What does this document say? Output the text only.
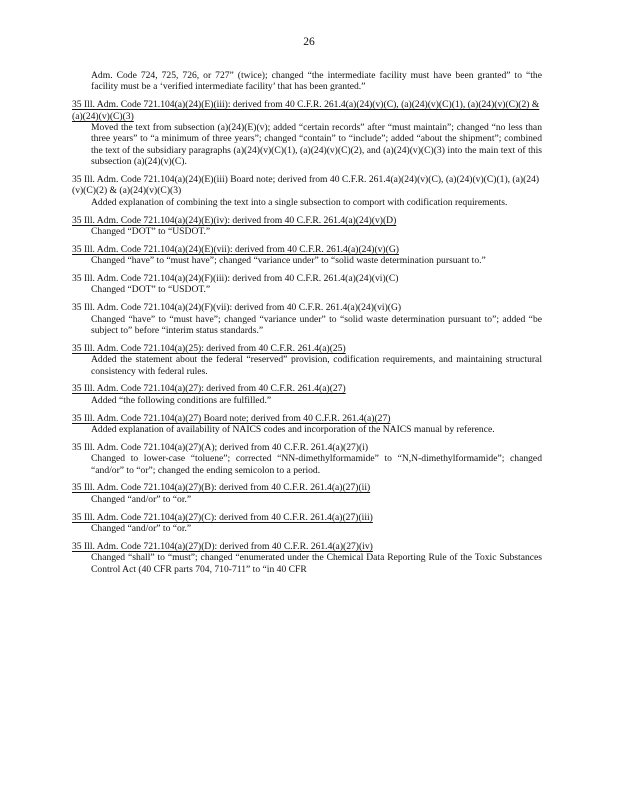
26

Adm. Code 724, 725, 726, or 727” (twice); changed “the intermediate facility must have been granted” to “the facility must be a ‘verified intermediate facility’ that has been granted.”

35 Ill. Adm. Code 721.104(a)(24)(E)(iii): derived from 40 C.F.R. 261.4(a)(24)(v)(C), (a)(24)(v)(C)(1), (a)(24)(v)(C)(2) & (a)(24)(v)(C)(3)

Moved the text from subsection (a)(24)(E)(v); added “certain records” after “must maintain”; changed “no less than three years” to “a minimum of three years”; changed “contain” to “include”; added “about the shipment”; combined the text of the subsidiary paragraphs (a)(24)(v)(C)(1), (a)(24)(v)(C)(2), and (a)(24)(v)(C)(3) into the main text of this subsection (a)(24)(v)(C).

35 Ill. Adm. Code 721.104(a)(24)(E)(iii) Board note; derived from 40 C.F.R. 261.4(a)(24)(v)(C), (a)(24)(v)(C)(1), (a)(24)(v)(C)(2) & (a)(24)(v)(C)(3)

Added explanation of combining the text into a single subsection to comport with codification requirements.

35 Ill. Adm. Code 721.104(a)(24)(E)(iv): derived from 40 C.F.R. 261.4(a)(24)(v)(D)

Changed “DOT” to “USDOT.”

35 Ill. Adm. Code 721.104(a)(24)(E)(vii): derived from 40 C.F.R. 261.4(a)(24)(v)(G)

Changed “have” to “must have”; changed “variance under” to “solid waste determination pursuant to.”

35 Ill. Adm. Code 721.104(a)(24)(F)(iii): derived from 40 C.F.R. 261.4(a)(24)(vi)(C)

Changed “DOT” to “USDOT.”

35 Ill. Adm. Code 721.104(a)(24)(F)(vii): derived from 40 C.F.R. 261.4(a)(24)(vi)(G)

Changed “have” to “must have”; changed “variance under” to “solid waste determination pursuant to”; added “be subject to” before “interim status standards.”

35 Ill. Adm. Code 721.104(a)(25): derived from 40 C.F.R. 261.4(a)(25)

Added the statement about the federal “reserved” provision, codification requirements, and maintaining structural consistency with federal rules.

35 Ill. Adm. Code 721.104(a)(27): derived from 40 C.F.R. 261.4(a)(27)

Added “the following conditions are fulfilled.”

35 Ill. Adm. Code 721.104(a)(27) Board note; derived from 40 C.F.R. 261.4(a)(27)

Added explanation of availability of NAICS codes and incorporation of the NAICS manual by reference.

35 Ill. Adm. Code 721.104(a)(27)(A); derived from 40 C.F.R. 261.4(a)(27)(i)

Changed to lower-case “toluene”; corrected “NN-dimethylformamide” to “N,N-dimethylformamide”; changed “and/or” to “or”; changed the ending semicolon to a period.

35 Ill. Adm. Code 721.104(a)(27)(B): derived from 40 C.F.R. 261.4(a)(27)(ii)

Changed “and/or” to “or.”

35 Ill. Adm. Code 721.104(a)(27)(C): derived from 40 C.F.R. 261.4(a)(27)(iii)

Changed “and/or” to “or.”

35 Ill. Adm. Code 721.104(a)(27)(D): derived from 40 C.F.R. 261.4(a)(27)(iv)

Changed “shall” to “must”; changed “enumerated under the Chemical Data Reporting Rule of the Toxic Substances Control Act (40 CFR parts 704, 710-711” to “in 40 CFR
